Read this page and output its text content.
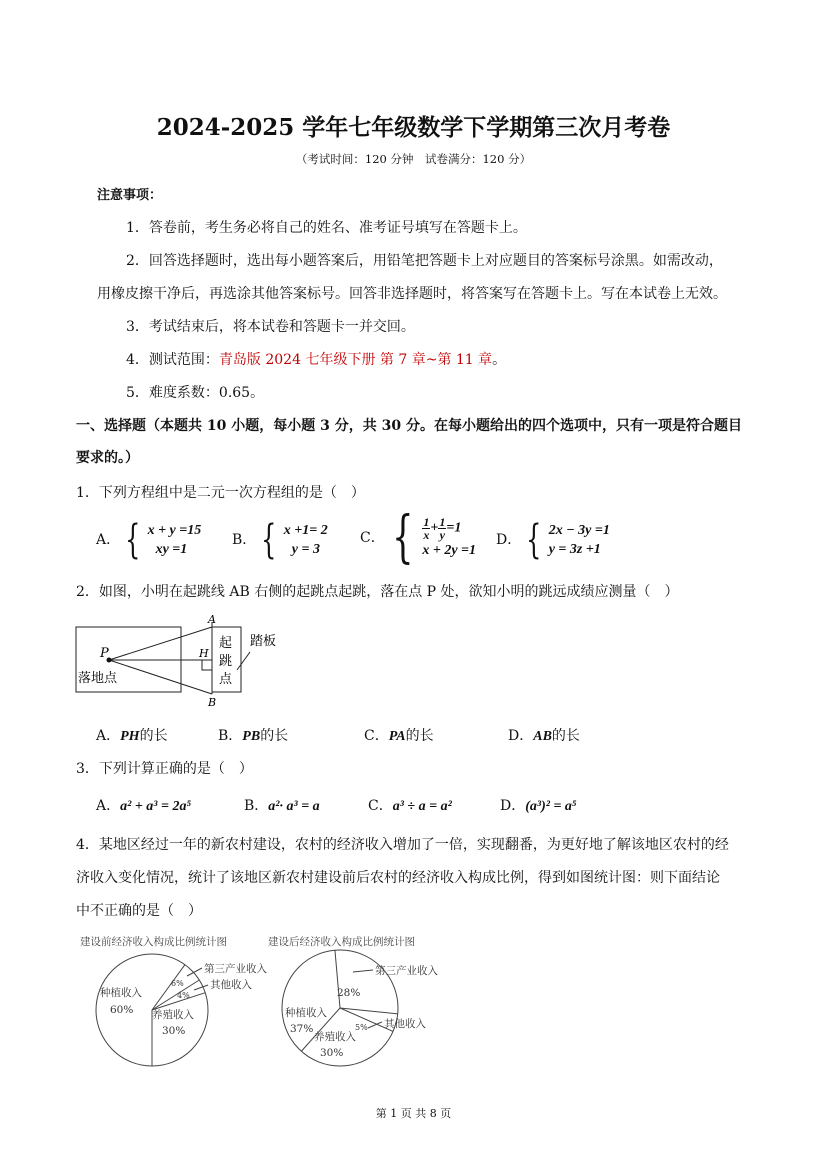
2024-2025 学年七年级数学下学期第三次月考卷
（考试时间：120 分钟　试卷满分：120 分）
注意事项：
1．答卷前，考生务必将自己的姓名、准考证号填写在答题卡上。
2．回答选择题时，选出每小题答案后，用铅笔把答题卡上对应题目的答案标号涂黑。如需改动，
用橡皮擦干净后，再选涂其他答案标号。回答非选择题时，将答案写在答题卡上。写在本试卷上无效。
3．考试结束后，将本试卷和答题卡一并交回。
4．测试范围：青岛版 2024 七年级下册 第 7 章~第 11 章。
5．难度系数：0.65。
一、选择题（本题共 10 小题，每小题 3 分，共 30 分。在每小题给出的四个选项中，只有一项是符合题目
要求的。）
1．下列方程组中是二元一次方程组的是（　）
A． { x + y =15
xy =1
B． { x +1= 2
y = 3
C． { $\frac{1}{x} + \frac{1}{y} =1$
x + 2y =1
D． { 2x − 3y =1
y = 3z +1
2．如图，小明在起跳线 AB 右侧的起跳点起跳，落在点 P 处，欲知小明的跳远成绩应测量（　）
P
A
B
H
落地点
起
跳
点
踏板
A．PH的长	B．PB的长	C．PA的长	D．AB的长
3．下列计算正确的是（　）
A．a² + a³ = 2a⁵	B．a²· a³ = a	C．a³ ÷ a = a²	D．(a³)² = a⁵
4．某地区经过一年的新农村建设，农村的经济收入增加了一倍，实现翻番，为更好地了解该地区农村的经
济收入变化情况，统计了该地区新农村建设前后农村的经济收入构成比例，得到如图统计图：则下面结论
中不正确的是（　）
建设前经济收入构成比例统计图	建设后经济收入构成比例统计图
种植收入
60% 养殖收入
30%
6%
4%
第三产业收入
其他收入
种植收入
37%
28%
养殖收入
30%
5%
第三产业收入
其他收入
第 1 页 共 8 页
